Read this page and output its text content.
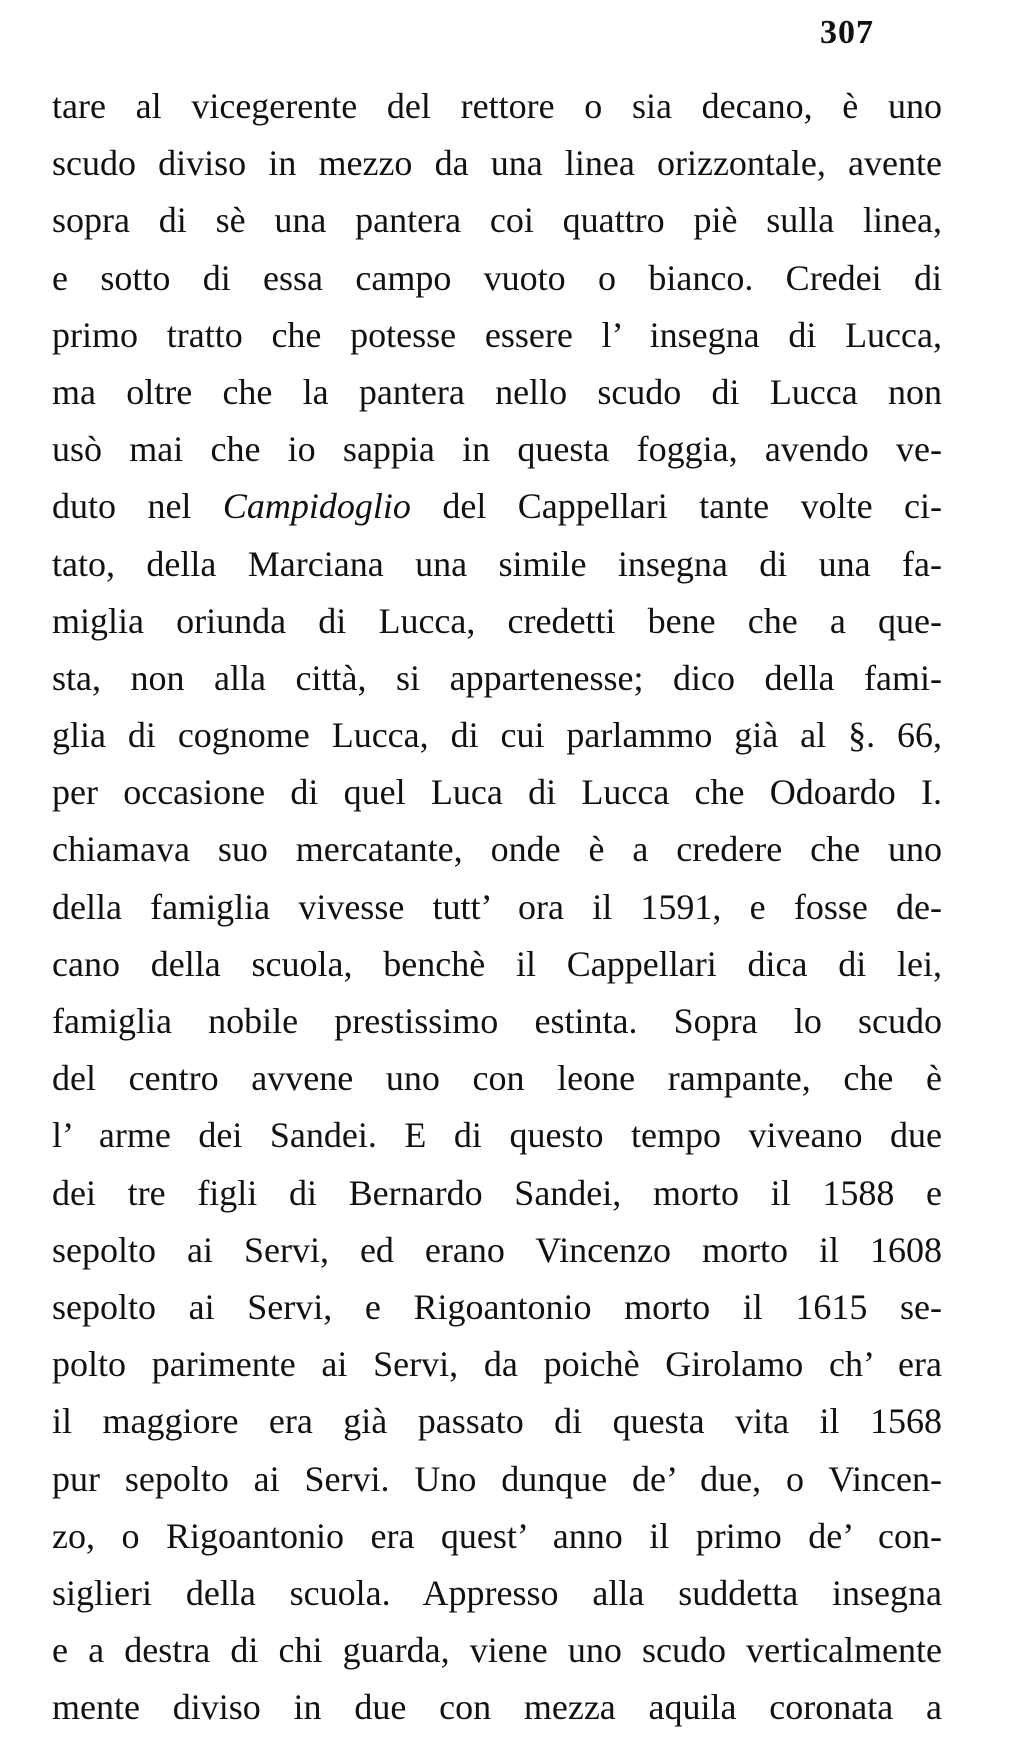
307
tare al vicegerente del rettore o sia decano, è uno
scudo diviso in mezzo da una linea orizzontale, avente
sopra di sè una pantera coi quattro piè sulla linea,
e sotto di essa campo vuoto o bianco. Credei di
primo tratto che potesse essere l’ insegna di Lucca,
ma oltre che la pantera nello scudo di Lucca non
usò mai che io sappia in questa foggia, avendo ve-
duto nel Campidoglio del Cappellari tante volte ci-
tato, della Marciana una simile insegna di una fa-
miglia oriunda di Lucca, credetti bene che a que-
sta, non alla città, si appartenesse; dico della fami-
glia di cognome Lucca, di cui parlammo già al §. 66,
per occasione di quel Luca di Lucca che Odoardo I.
chiamava suo mercatante, onde è a credere che uno
della famiglia vivesse tutt’ ora il 1591, e fosse de-
cano della scuola, benchè il Cappellari dica di lei,
famiglia nobile prestissimo estinta. Sopra lo scudo
del centro avvene uno con leone rampante, che è
l’ arme dei Sandei. E di questo tempo viveano due
dei tre figli di Bernardo Sandei, morto il 1588 e
sepolto ai Servi, ed erano Vincenzo morto il 1608
sepolto ai Servi, e Rigoantonio morto il 1615 se-
polto parimente ai Servi, da poichè Girolamo ch’ era
il maggiore era già passato di questa vita il 1568
pur sepolto ai Servi. Uno dunque de’ due, o Vincen-
zo, o Rigoantonio era quest’ anno il primo de’ con-
siglieri della scuola. Appresso alla suddetta insegna
e a destra di chi guarda, viene uno scudo verticalmente
mente diviso in due con mezza aquila coronata a
